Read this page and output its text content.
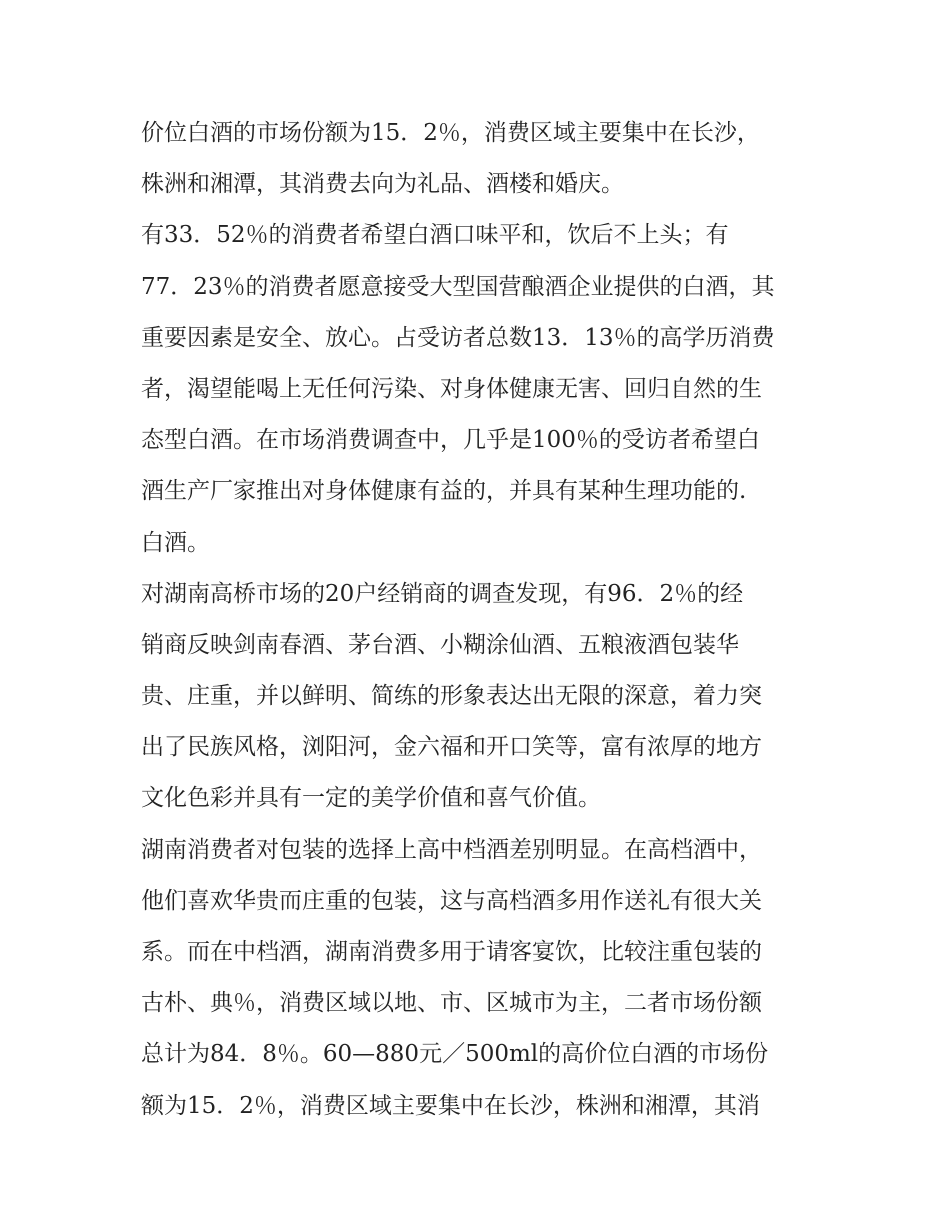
价位白酒的市场份额为15．2％，消费区域主要集中在长沙，
株洲和湘潭，其消费去向为礼品、酒楼和婚庆。
有33．52％的消费者希望白酒口味平和，饮后不上头；有
77．23％的消费者愿意接受大型国营酿酒企业提供的白酒，其
重要因素是安全、放心。占受访者总数13．13％的高学历消费
者，渴望能喝上无任何污染、对身体健康无害、回归自然的生
态型白酒。在市场消费调查中，几乎是100％的受访者希望白
酒生产厂家推出对身体健康有益的，并具有某种生理功能的.
白酒。
对湖南高桥市场的20户经销商的调查发现，有96．2％的经
销商反映剑南春酒、茅台酒、小糊涂仙酒、五粮液酒包装华
贵、庄重，并以鲜明、简练的形象表达出无限的深意，着力突
出了民族风格，浏阳河，金六福和开口笑等，富有浓厚的地方
文化色彩并具有一定的美学价值和喜气价值。
湖南消费者对包装的选择上高中档酒差别明显。在高档酒中，
他们喜欢华贵而庄重的包装，这与高档酒多用作送礼有很大关
系。而在中档酒，湖南消费多用于请客宴饮，比较注重包装的
古朴、典％，消费区域以地、市、区城市为主，二者市场份额
总计为84．8％。60—880元／500ml的高价位白酒的市场份
额为15．2％，消费区域主要集中在长沙，株洲和湘潭，其消
